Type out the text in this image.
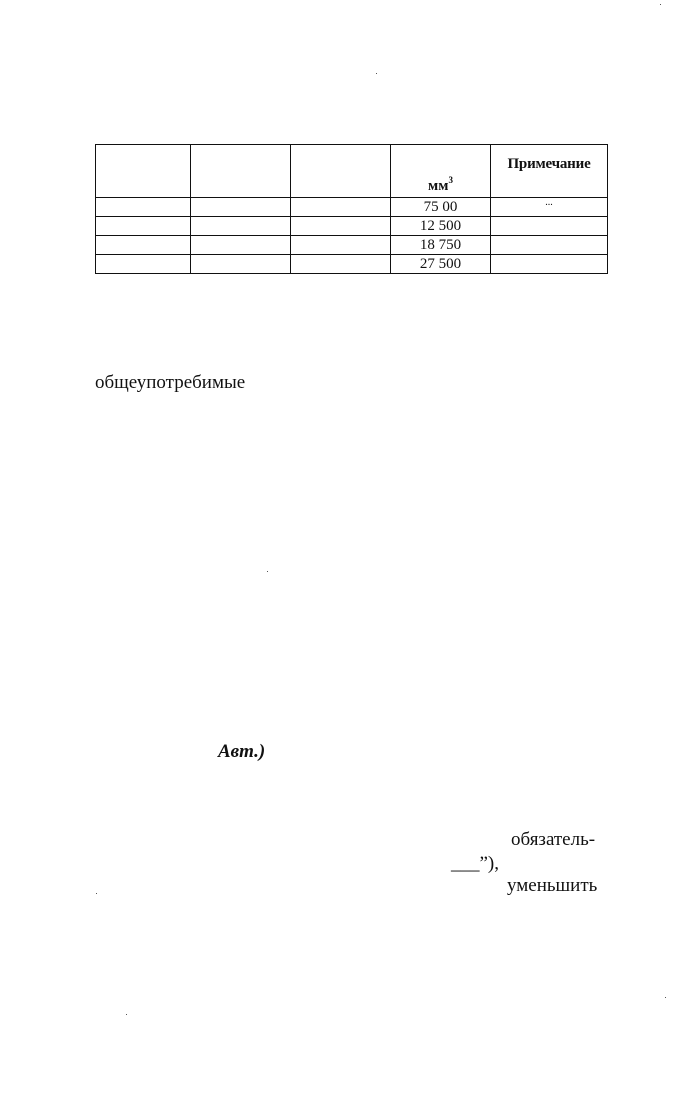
			$мм^3$	Примечание
			75 00	...
			12 500	
			18 750	
			27 500	
общеупотребимые
Авт.)
обязатель-
___”),
уменьшить
